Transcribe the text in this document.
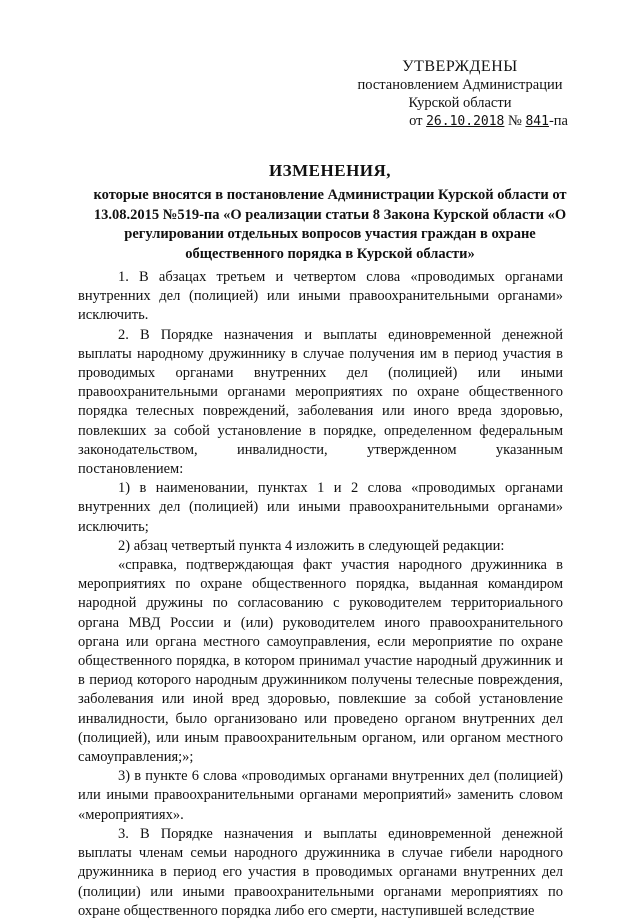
УТВЕРЖДЕНЫ
постановлением Администрации
Курской области
от 26.10.2018 № 841-па
ИЗМЕНЕНИЯ,
которые вносятся в постановление Администрации Курской области от 13.08.2015 №519-па «О реализации статьи 8 Закона Курской области «О регулировании отдельных вопросов участия граждан в охране общественного порядка в Курской области»

1. В абзацах третьем и четвертом слова «проводимых органами внутренних дел (полицией) или иными правоохранительными органами» исключить.

2. В Порядке назначения и выплаты единовременной денежной выплаты народному дружиннику в случае получения им в период участия в проводимых органами внутренних дел (полицией) или иными правоохранительными органами мероприятиях по охране общественного порядка телесных повреждений, заболевания или иного вреда здоровью, повлекших за собой установление в порядке, определенном федеральным законодательством, инвалидности, утвержденном указанным постановлением:

1) в наименовании, пунктах 1 и 2 слова «проводимых органами внутренних дел (полицией) или иными правоохранительными органами» исключить;

2) абзац четвертый пункта 4 изложить в следующей редакции:

«справка, подтверждающая факт участия народного дружинника в мероприятиях по охране общественного порядка, выданная командиром народной дружины по согласованию с руководителем территориального органа МВД России и (или) руководителем иного правоохранительного органа или органа местного самоуправления, если мероприятие по охране общественного порядка, в котором принимал участие народный дружинник и в период которого народным дружинником получены телесные повреждения, заболевания или иной вред здоровью, повлекшие за собой установление инвалидности, было организовано или проведено органом внутренних дел (полицией), или иным правоохранительным органом, или органом местного самоуправления;»;

3) в пункте 6 слова «проводимых органами внутренних дел (полицией) или иными правоохранительными органами мероприятий» заменить словом «мероприятиях».

3. В Порядке назначения и выплаты единовременной денежной выплаты членам семьи народного дружинника в случае гибели народного дружинника в период его участия в проводимых органами внутренних дел (полиции) или иными правоохранительными органами мероприятиях по охране общественного порядка либо его смерти, наступившей вследствие
